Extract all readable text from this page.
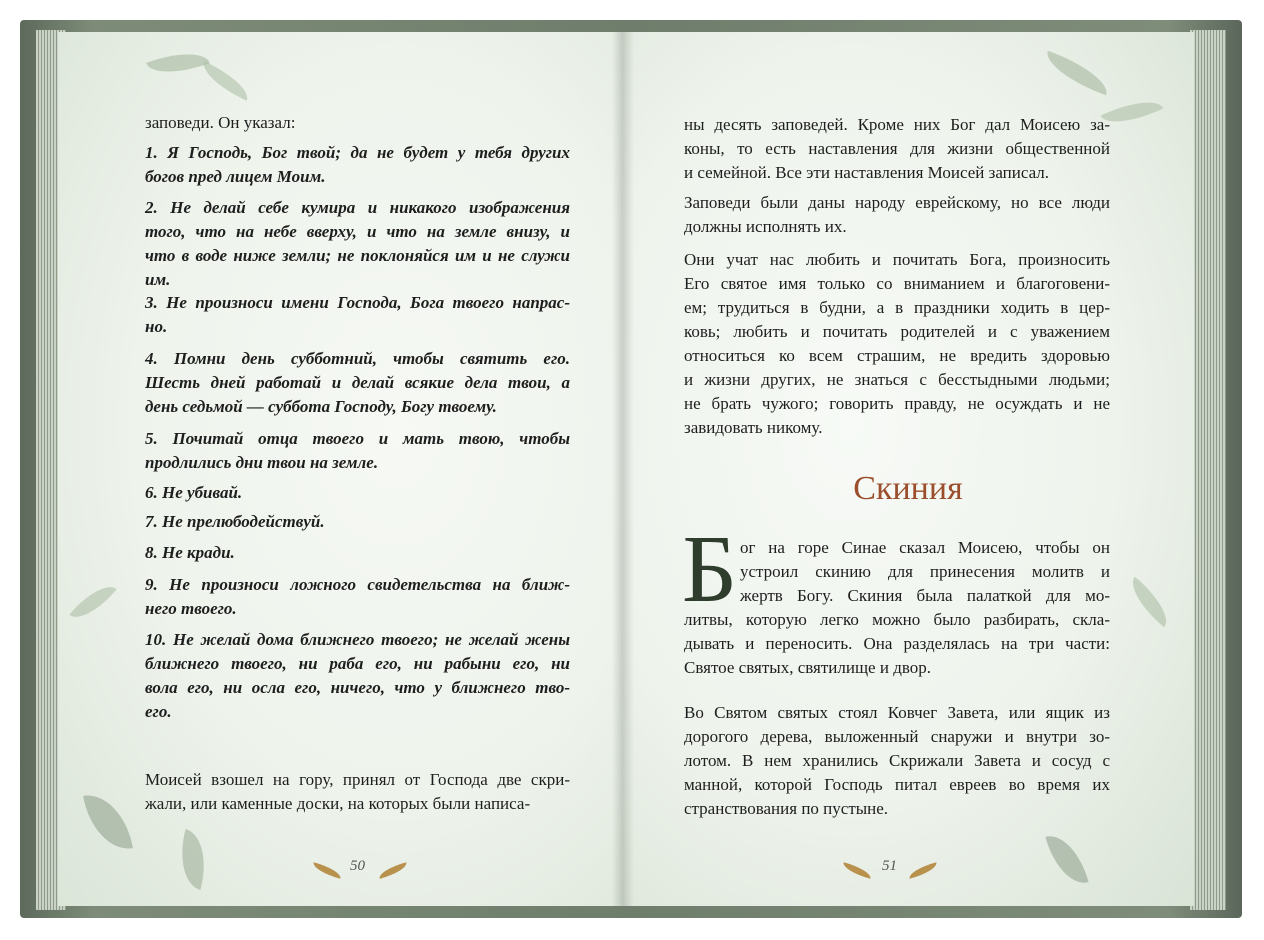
заповеди. Он указал:
1. Я Господь, Бог твой; да не будет у тебя других
богов пред лицем Моим.
2. Не делай себе кумира и никакого изображения
того, что на небе вверху, и что на земле внизу, и
что в воде ниже земли; не поклоняйся им и не служи
им.
3. Не произноси имени Господа, Бога твоего напрас-
но.
4. Помни день субботний, чтобы святить его.
Шесть дней работай и делай всякие дела твои, а
день седьмой — суббота Господу, Богу твоему.
5. Почитай отца твоего и мать твою, чтобы
продлились дни твои на земле.
6. Не убивай.
7. Не прелюбодействуй.
8. Не кради.
9. Не произноси ложного свидетельства на ближ-
него твоего.
10. Не желай дома ближнего твоего; не желай жены
ближнего твоего, ни раба его, ни рабыни его, ни
вола его, ни осла его, ничего, что у ближнего тво-
его.
Моисей взошел на гору, принял от Господа две скри-
жали, или каменные доски, на которых были написа-
ны десять заповедей. Кроме них Бог дал Моисею за-
коны, то есть наставления для жизни общественной
и семейной. Все эти наставления Моисей записал.
Заповеди были даны народу еврейскому, но все люди
должны исполнять их.
Они учат нас любить и почитать Бога, произносить
Его святое имя только со вниманием и благоговени-
ем; трудиться в будни, а в праздники ходить в цер-
ковь; любить и почитать родителей и с уважением
относиться ко всем страшим, не вредить здоровью
и жизни других, не знаться с бесстыдными людьми;
не брать чужого; говорить правду, не осуждать и не
завидовать никому.
ог на горе Синае сказал Моисею, чтобы он
устроил скинию для принесения молитв и
жертв Богу. Скиния была палаткой для мо-
литвы, которую легко можно было разбирать, скла-
дывать и переносить. Она разделялась на три части:
Святое святых, святилище и двор.
Во Святом святых стоял Ковчег Завета, или ящик из
дорогого дерева, выложенный снаружи и внутри зо-
лотом. В нем хранились Скрижали Завета и сосуд с
манной, которой Господь питал евреев во время их
странствования по пустыне.
Скиния
Б
50	51
